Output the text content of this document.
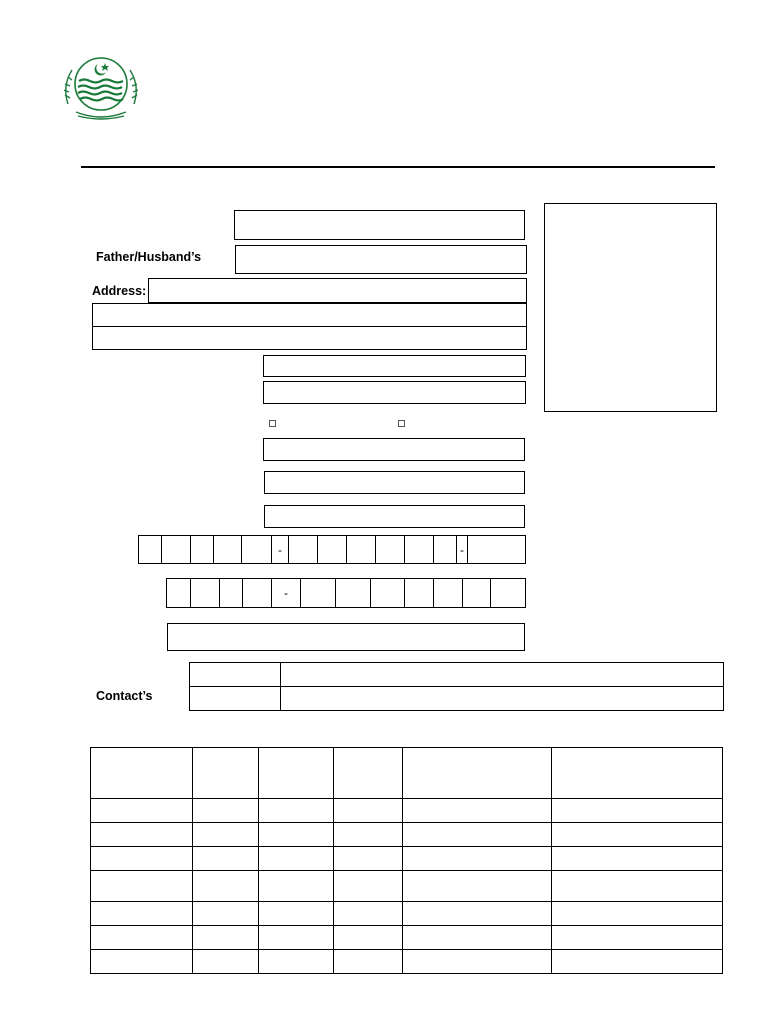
Father/Husband’s
Address:
-	-
-
Contact’s
